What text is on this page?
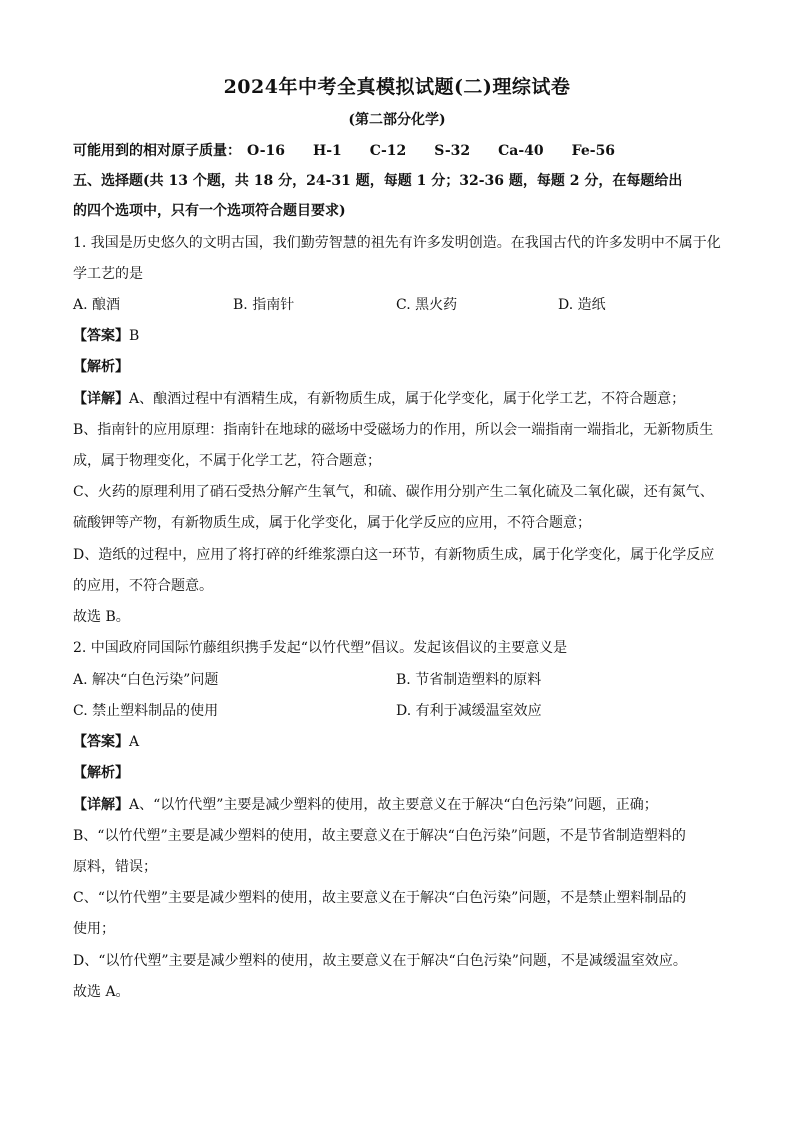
2024年中考全真模拟试题(二)理综试卷
(第二部分化学)
可能用到的相对原子质量： O-16 H-1 C-12 S-32 Ca-40 Fe-56
五、选择题(共 13 个题，共 18 分，24-31 题，每题 1 分；32-36 题，每题 2 分，在每题给出
的四个选项中，只有一个选项符合题目要求)
1. 我国是历史悠久的文明古国，我们勤劳智慧的祖先有许多发明创造。在我国古代的许多发明中不属于化
学工艺的是
A. 酿酒	B. 指南针	C. 黑火药	D. 造纸
【答案】B
【解析】
【详解】A、酿酒过程中有酒精生成，有新物质生成，属于化学变化，属于化学工艺，不符合题意；
B、指南针的应用原理：指南针在地球的磁场中受磁场力的作用，所以会一端指南一端指北，无新物质生
成，属于物理变化，不属于化学工艺，符合题意；
C、火药的原理利用了硝石受热分解产生氧气，和硫、碳作用分别产生二氧化硫及二氧化碳，还有氮气、
硫酸钾等产物，有新物质生成，属于化学变化，属于化学反应的应用，不符合题意；
D、造纸的过程中，应用了将打碎的纤维浆漂白这一环节，有新物质生成，属于化学变化，属于化学反应
的应用，不符合题意。
故选 B。
2. 中国政府同国际竹藤组织携手发起“以竹代塑”倡议。发起该倡议的主要意义是
A. 解决“白色污染”问题	B. 节省制造塑料的原料
C. 禁止塑料制品的使用	D. 有利于减缓温室效应
【答案】A
【解析】
【详解】A、“以竹代塑”主要是减少塑料的使用，故主要意义在于解决“白色污染”问题，正确；
B、“以竹代塑”主要是减少塑料的使用，故主要意义在于解决“白色污染”问题，不是节省制造塑料的
原料，错误；
C、“以竹代塑”主要是减少塑料的使用，故主要意义在于解决“白色污染”问题，不是禁止塑料制品的
使用；
D、“以竹代塑”主要是减少塑料的使用，故主要意义在于解决“白色污染”问题，不是减缓温室效应。
故选 A。
